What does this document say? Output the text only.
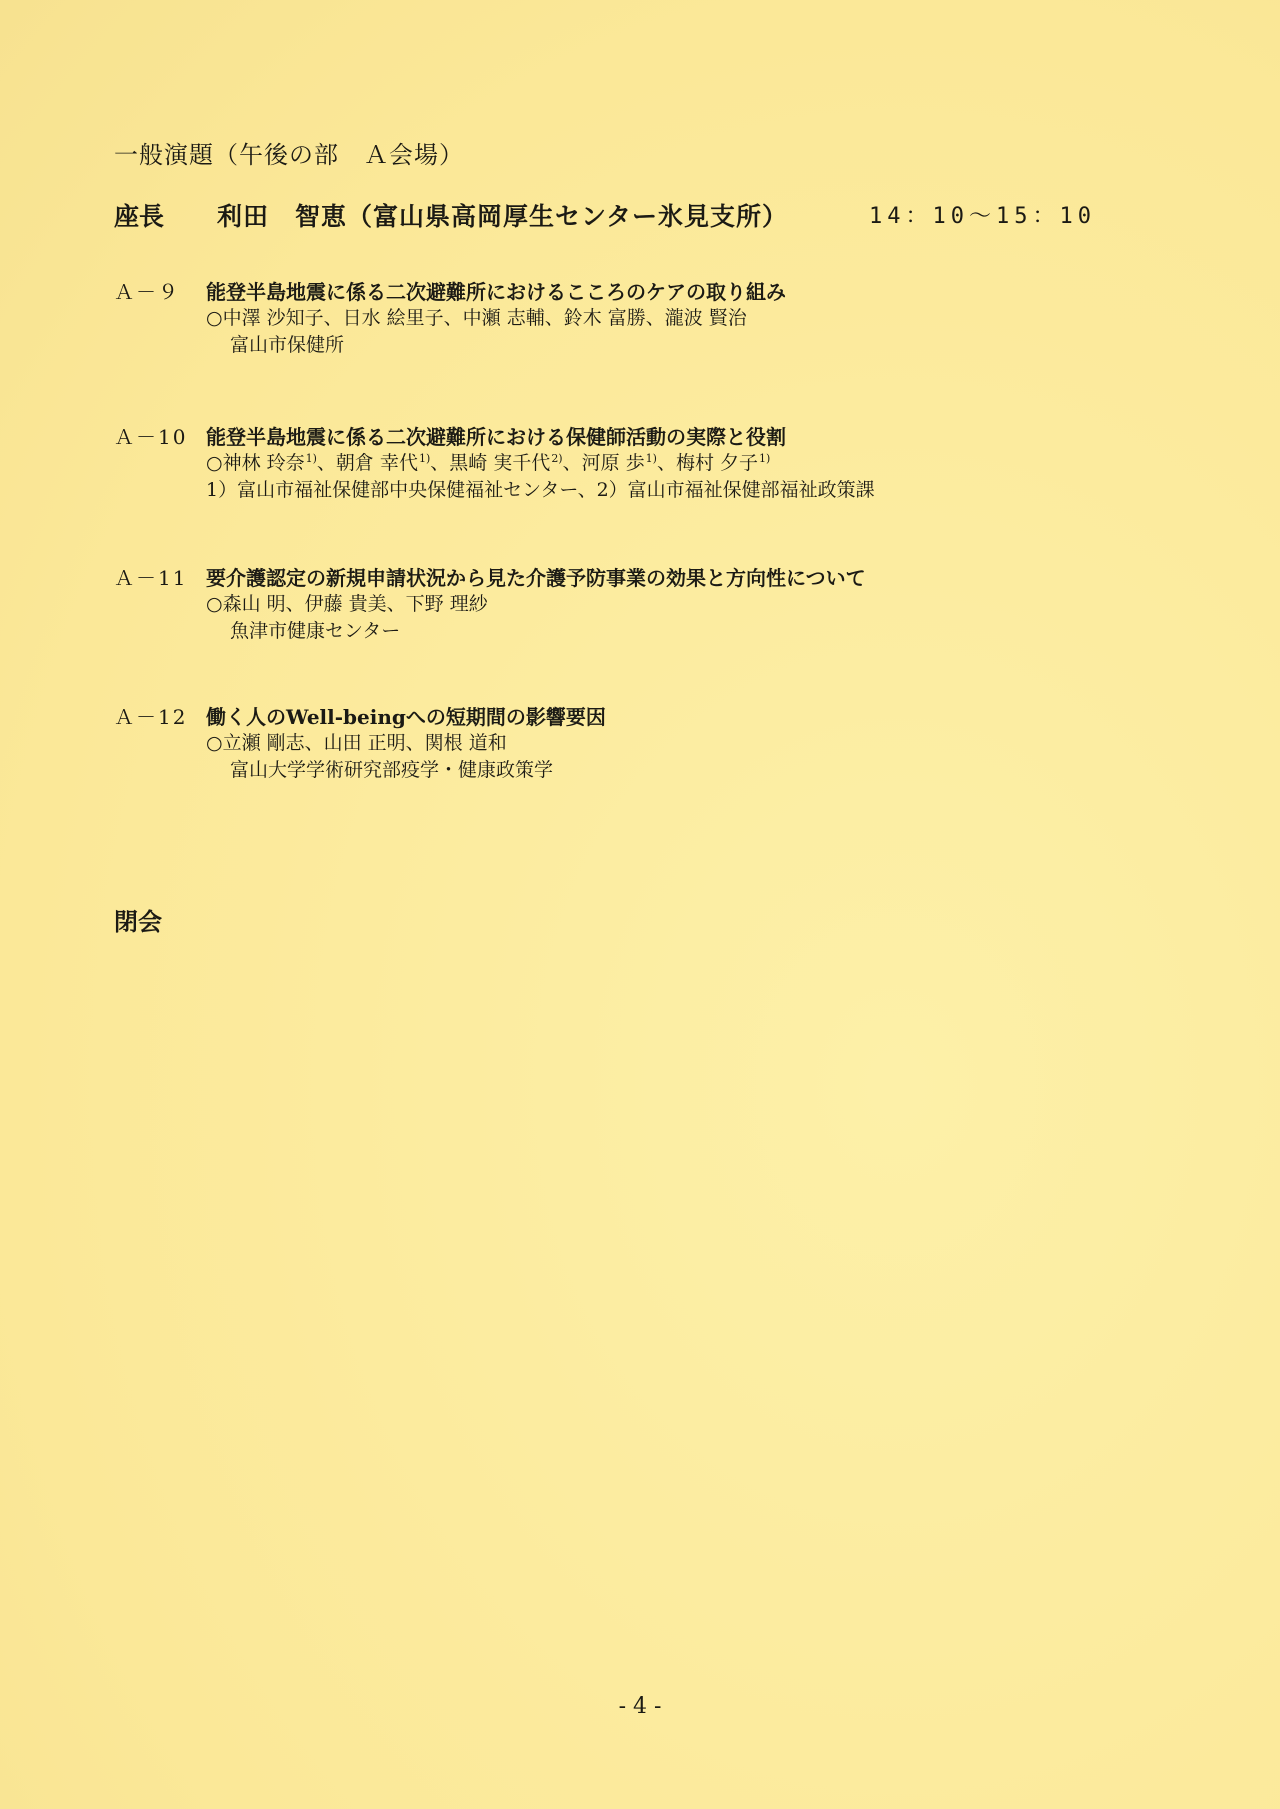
一般演題（午後の部　Ａ会場）
座長 利田　智恵（富山県高岡厚生センター氷見支所）	14：10～15：10
Ａ－９ 能登半島地震に係る二次避難所におけるこころのケアの取り組み
○中澤 沙知子、日水 絵里子、中瀬 志輔、鈴木 富勝、瀧波 賢治
富山市保健所
Ａ－10 能登半島地震に係る二次避難所における保健師活動の実際と役割
○神林 玲奈$^{1)}$、朝倉 幸代$^{1)}$、黒崎 実千代$^{2)}$、河原 歩$^{1)}$、梅村 夕子$^{1)}$
1）富山市福祉保健部中央保健福祉センター、2）富山市福祉保健部福祉政策課
Ａ－11 要介護認定の新規申請状況から見た介護予防事業の効果と方向性について
○森山 明、伊藤 貴美、下野 理紗
魚津市健康センター
Ａ－12 働く人のWell-beingへの短期間の影響要因
○立瀬 剛志、山田 正明、関根 道和
富山大学学術研究部疫学・健康政策学
閉会
- 4 -
